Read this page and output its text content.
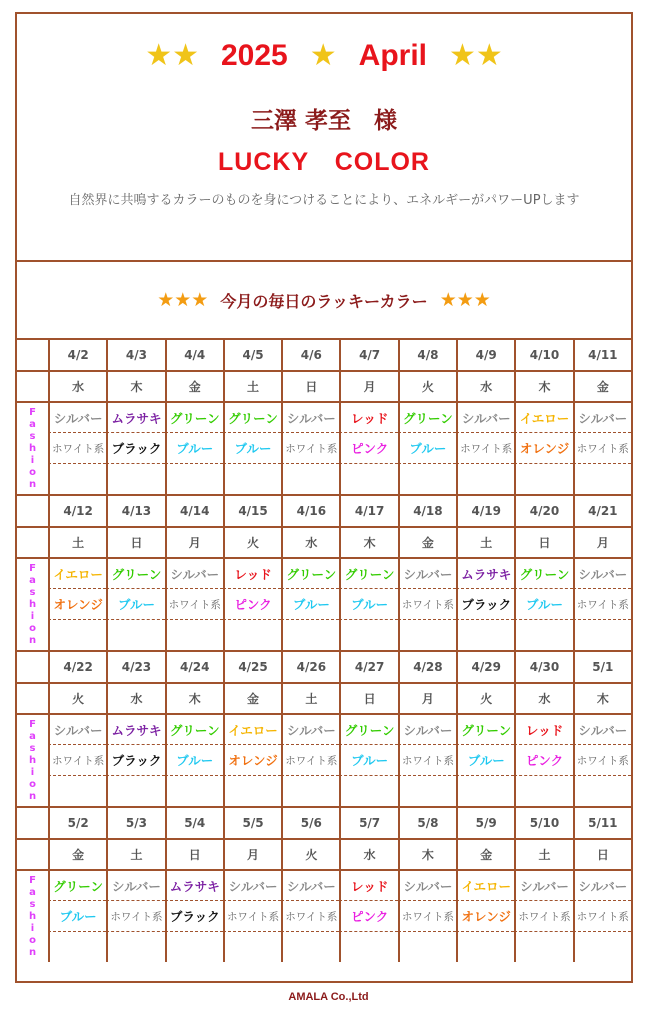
★★ 2025 ★ April ★★
三澤 孝至　様
LUCKY　COLOR
自然界に共鳴するカラーのものを身につけることにより、エネルギーがパワーUPします
★★★ 今月の毎日のラッキーカラー ★★★
F
a
s
h
i
o
n
4/2
水
シルバー
ホワイト系
4/3
木
ムラサキ
ブラック
4/4
金
グリーン
ブルー
4/5
土
グリーン
ブルー
4/6
日
シルバー
ホワイト系
4/7
月
レッド
ピンク
4/8
火
グリーン
ブルー
4/9
水
シルバー
ホワイト系
4/10
木
イエロー
オレンジ
4/11
金
シルバー
ホワイト系
F
a
s
h
i
o
n
4/12
土
イエロー
オレンジ
4/13
日
グリーン
ブルー
4/14
月
シルバー
ホワイト系
4/15
火
レッド
ピンク
4/16
水
グリーン
ブルー
4/17
木
グリーン
ブルー
4/18
金
シルバー
ホワイト系
4/19
土
ムラサキ
ブラック
4/20
日
グリーン
ブルー
4/21
月
シルバー
ホワイト系
F
a
s
h
i
o
n
4/22
火
シルバー
ホワイト系
4/23
水
ムラサキ
ブラック
4/24
木
グリーン
ブルー
4/25
金
イエロー
オレンジ
4/26
土
シルバー
ホワイト系
4/27
日
グリーン
ブルー
4/28
月
シルバー
ホワイト系
4/29
火
グリーン
ブルー
4/30
水
レッド
ピンク
5/1
木
シルバー
ホワイト系
F
a
s
h
i
o
n
5/2
金
グリーン
ブルー
5/3
土
シルバー
ホワイト系
5/4
日
ムラサキ
ブラック
5/5
月
シルバー
ホワイト系
5/6
火
シルバー
ホワイト系
5/7
水
レッド
ピンク
5/8
木
シルバー
ホワイト系
5/9
金
イエロー
オレンジ
5/10
土
シルバー
ホワイト系
5/11
日
シルバー
ホワイト系
AMALA Co.,Ltd
